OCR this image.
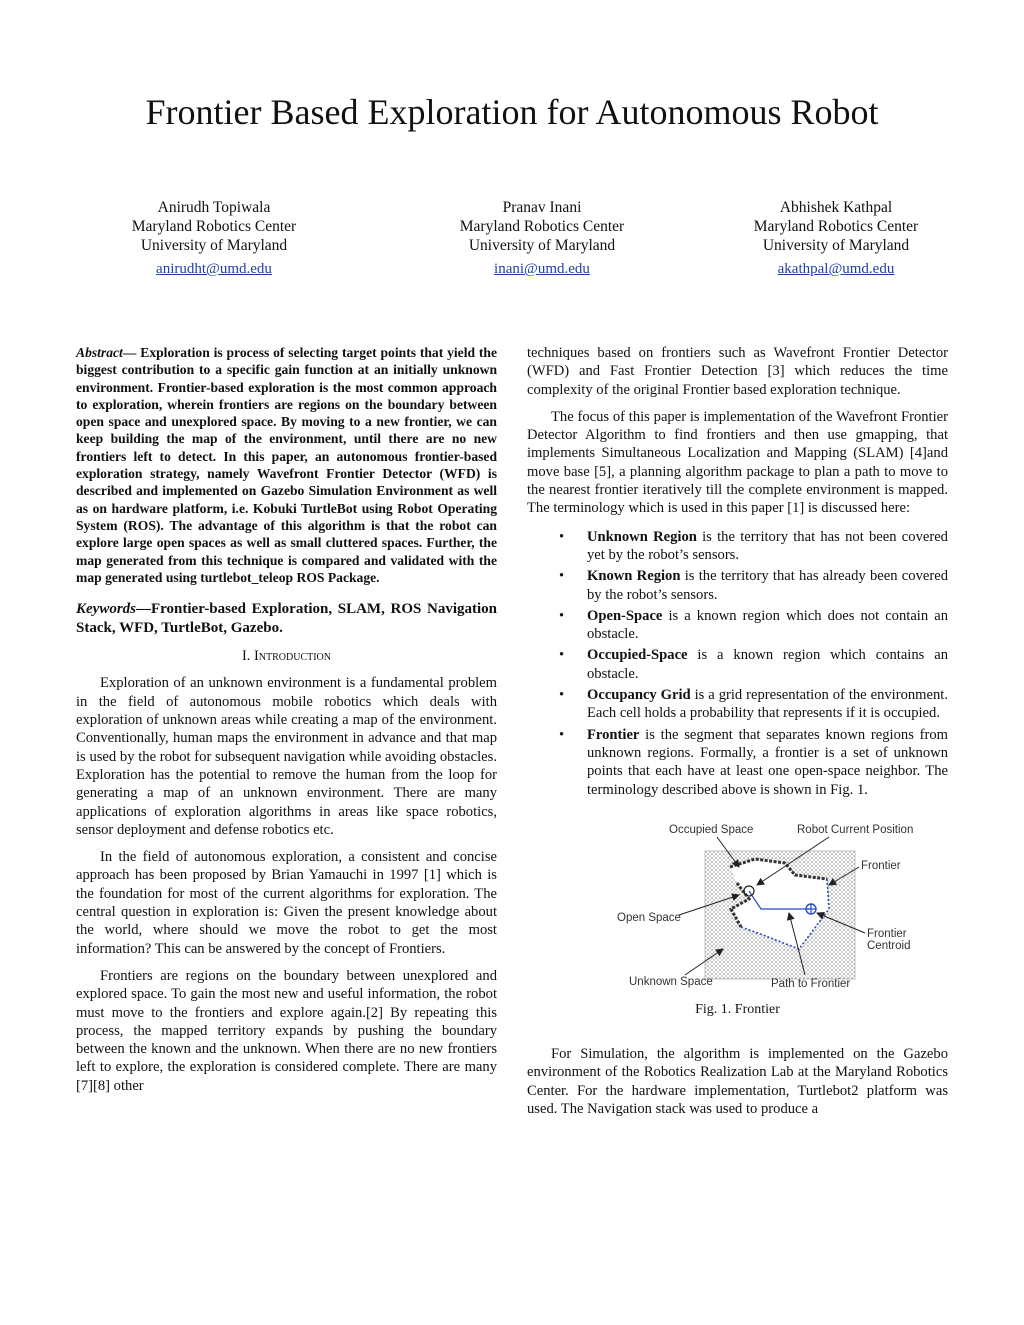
Frontier Based Exploration for Autonomous Robot
Anirudh Topiwala
Maryland Robotics Center
University of Maryland
anirudht@umd.edu
Pranav Inani
Maryland Robotics Center
University of Maryland
inani@umd.edu
Abhishek Kathpal
Maryland Robotics Center
University of Maryland
akathpal@umd.edu

Abstract— Exploration is process of selecting target points that yield the biggest contribution to a specific gain function at an initially unknown environment. Frontier-based exploration is the most common approach to exploration, wherein frontiers are regions on the boundary between open space and unexplored space. By moving to a new frontier, we can keep building the map of the environment, until there are no new frontiers left to detect. In this paper, an autonomous frontier-based exploration strategy, namely Wavefront Frontier Detector (WFD) is described and implemented on Gazebo Simulation Environment as well as on hardware platform, i.e. Kobuki TurtleBot using Robot Operating System (ROS). The advantage of this algorithm is that the robot can explore large open spaces as well as small cluttered spaces. Further, the map generated from this technique is compared and validated with the map generated using turtlebot_teleop ROS Package.

Keywords—Frontier-based Exploration, SLAM, ROS Navigation Stack, WFD, TurtleBot, Gazebo.

I. Introduction

Exploration of an unknown environment is a fundamental problem in the field of autonomous mobile robotics which deals with exploration of unknown areas while creating a map of the environment. Conventionally, human maps the environment in advance and that map is used by the robot for subsequent navigation while avoiding obstacles. Exploration has the potential to remove the human from the loop for generating a map of an unknown environment. There are many applications of exploration algorithms in areas like space robotics, sensor deployment and defense robotics etc.

In the field of autonomous exploration, a consistent and concise approach has been proposed by Brian Yamauchi in 1997 [1] which is the foundation for most of the current algorithms for exploration. The central question in exploration is: Given the present knowledge about the world, where should we move the robot to get the most information? This can be answered by the concept of Frontiers.

Frontiers are regions on the boundary between unexplored and explored space. To gain the most new and useful information, the robot must move to the frontiers and explore again.[2] By repeating this process, the mapped territory expands by pushing the boundary between the known and the unknown. When there are no new frontiers left to explore, the exploration is considered complete. There are many [7][8] other

techniques based on frontiers such as Wavefront Frontier Detector (WFD) and Fast Frontier Detection [3] which reduces the time complexity of the original Frontier based exploration technique.

The focus of this paper is implementation of the Wavefront Frontier Detector Algorithm to find frontiers and then use gmapping, that implements Simultaneous Localization and Mapping (SLAM) [4]and move base [5], a planning algorithm package to plan a path to move to the nearest frontier iteratively till the complete environment is mapped. The terminology which is used in this paper [1] is discussed here:

• Unknown Region is the territory that has not been covered yet by the robot’s sensors.
• Known Region is the territory that has already been covered by the robot’s sensors.
• Open-Space is a known region which does not contain an obstacle.
• Occupied-Space is a known region which contains an obstacle.
• Occupancy Grid is a grid representation of the environment. Each cell holds a probability that represents if it is occupied.
• Frontier is the segment that separates known regions from unknown regions. Formally, a frontier is a set of unknown points that each have at least one open-space neighbor. The terminology described above is shown in Fig. 1.
Occupied Space	Robot Current Position
Frontier
Open Space
Frontier
Centroid
Unknown Space	Path to Frontier
Fig. 1. Frontier

For Simulation, the algorithm is implemented on the Gazebo environment of the Robotics Realization Lab at the Maryland Robotics Center. For the hardware implementation, Turtlebot2 platform was used. The Navigation stack was used to produce a
